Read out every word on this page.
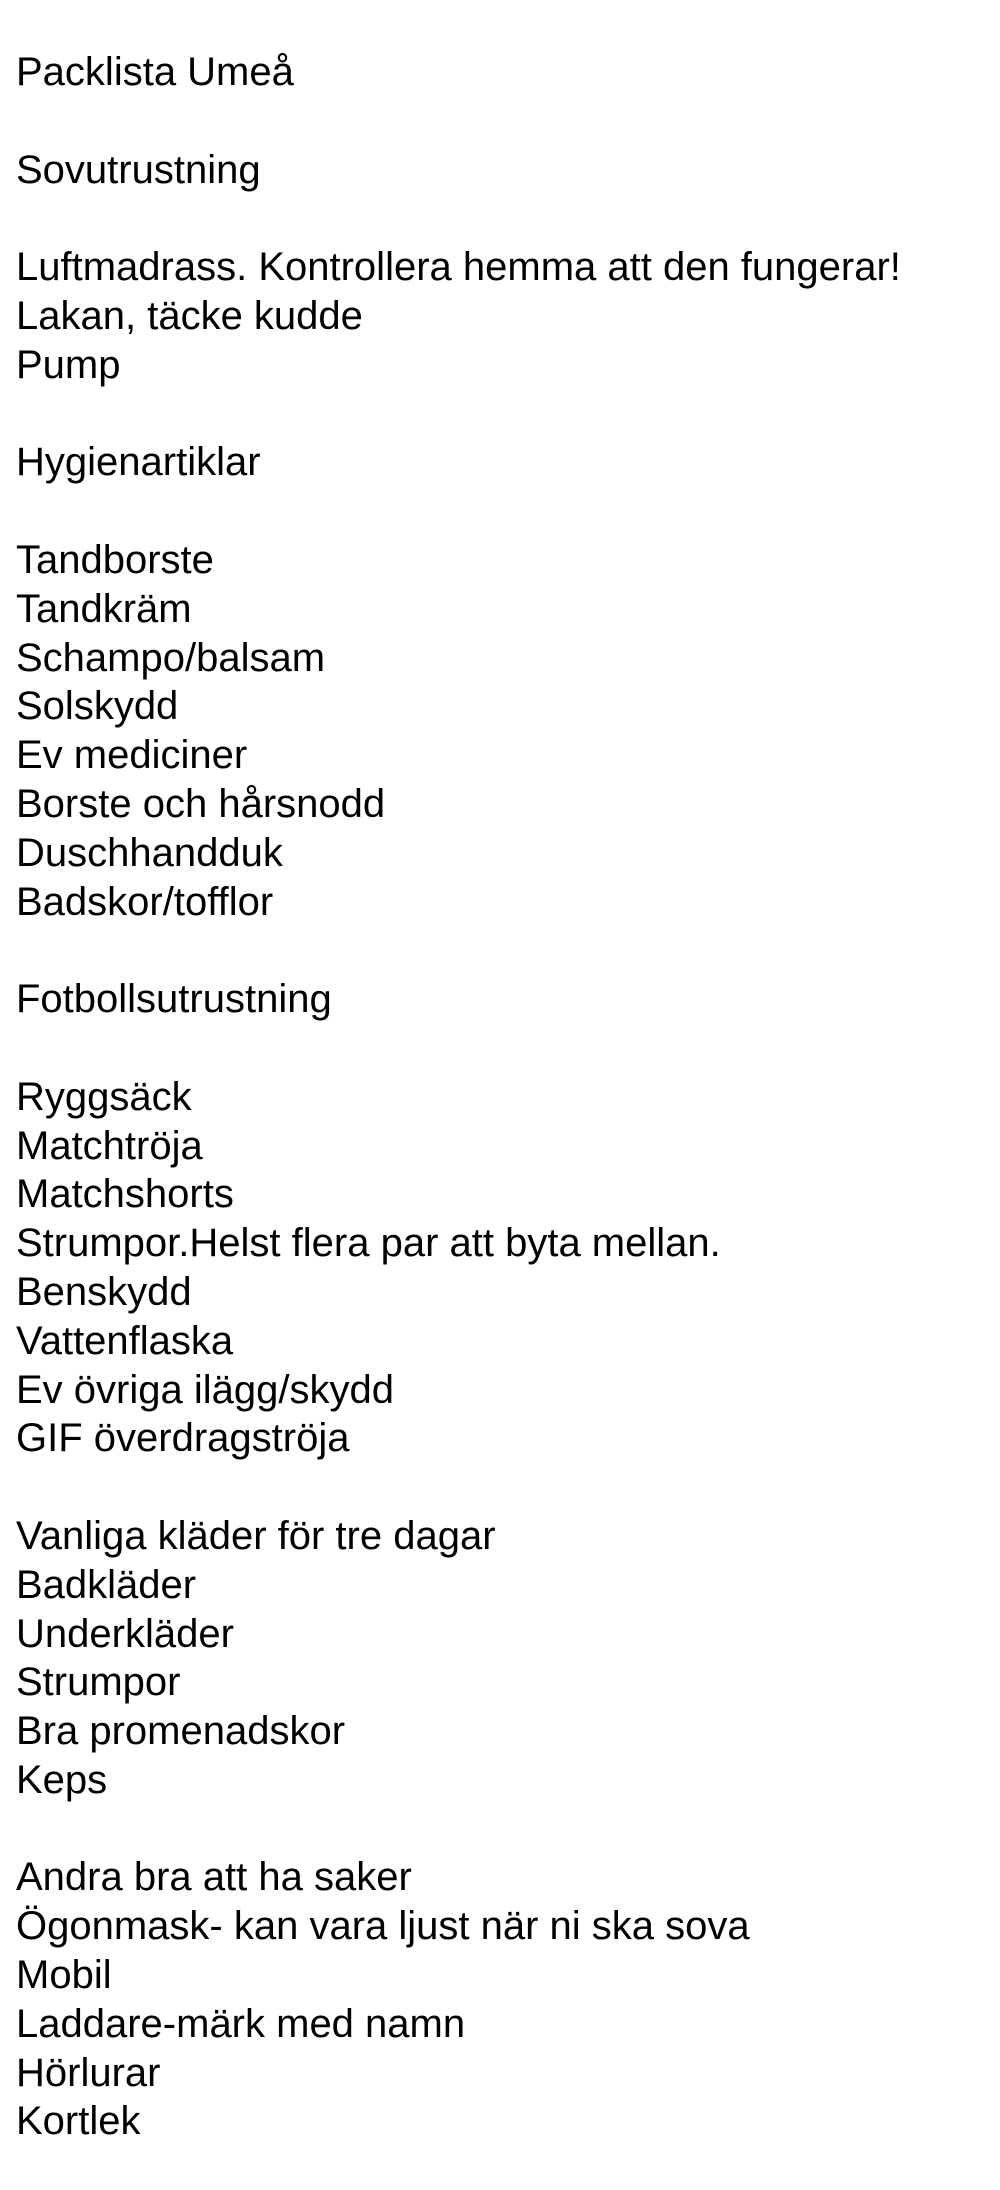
Packlista Umeå
Sovutrustning
Luftmadrass. Kontrollera hemma att den fungerar!
Lakan, täcke kudde
Pump
Hygienartiklar
Tandborste
Tandkräm
Schampo/balsam
Solskydd
Ev mediciner
Borste och hårsnodd
Duschhandduk
Badskor/tofflor
Fotbollsutrustning
Ryggsäck
Matchtröja
Matchshorts
Strumpor.Helst flera par att byta mellan.
Benskydd
Vattenflaska
Ev övriga ilägg/skydd
GIF överdragströja
Vanliga kläder för tre dagar
Badkläder
Underkläder
Strumpor
Bra promenadskor
Keps
Andra bra att ha saker
Ögonmask- kan vara ljust när ni ska sova
Mobil
Laddare-märk med namn
Hörlurar
Kortlek
